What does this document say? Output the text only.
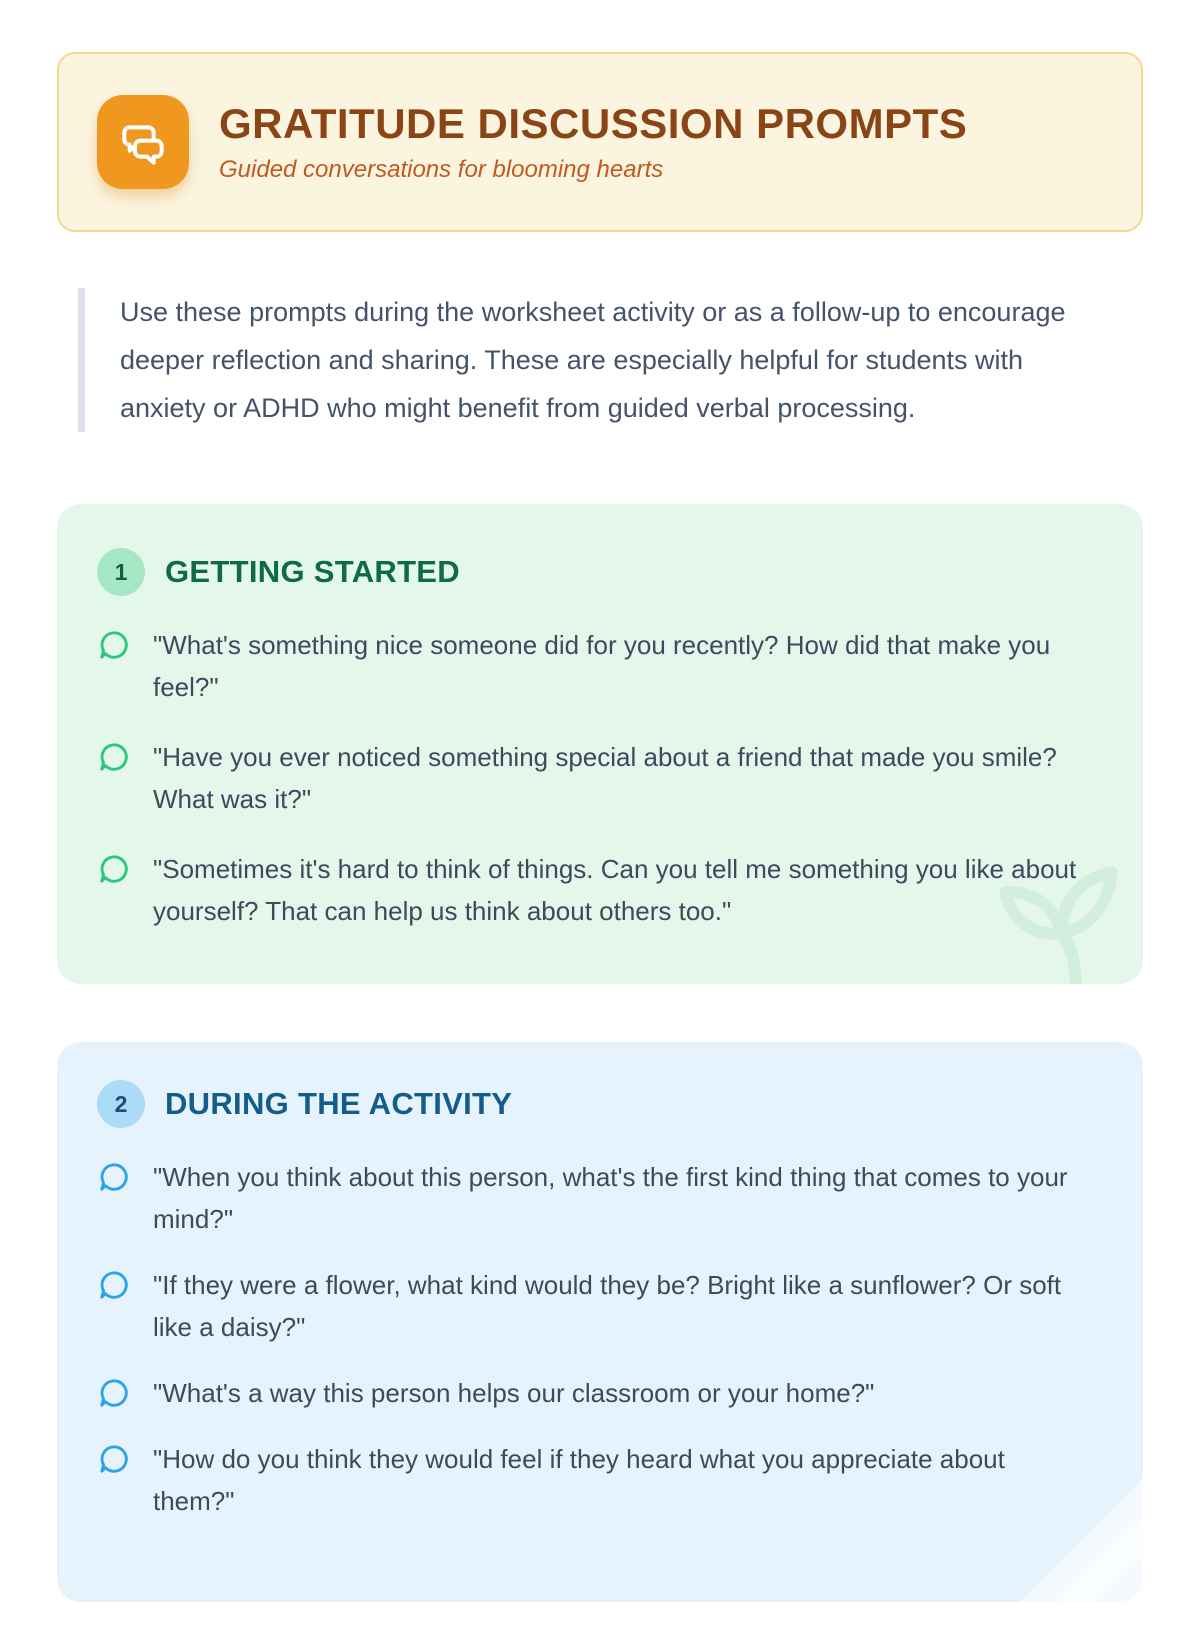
GRATITUDE DISCUSSION PROMPTS

Guided conversations for blooming hearts

Use these prompts during the worksheet activity or as a follow-up to encourage deeper reflection and sharing. These are especially helpful for students with anxiety or ADHD who might benefit from guided verbal processing.

1	GETTING STARTED

"What's something nice someone did for you recently? How did that make you feel?"

"Have you ever noticed something special about a friend that made you smile? What was it?"

"Sometimes it's hard to think of things. Can you tell me something you like about yourself? That can help us think about others too."

2	DURING THE ACTIVITY

"When you think about this person, what's the first kind thing that comes to your mind?"

"If they were a flower, what kind would they be? Bright like a sunflower? Or soft like a daisy?"

"What's a way this person helps our classroom or your home?"

"How do you think they would feel if they heard what you appreciate about them?"
